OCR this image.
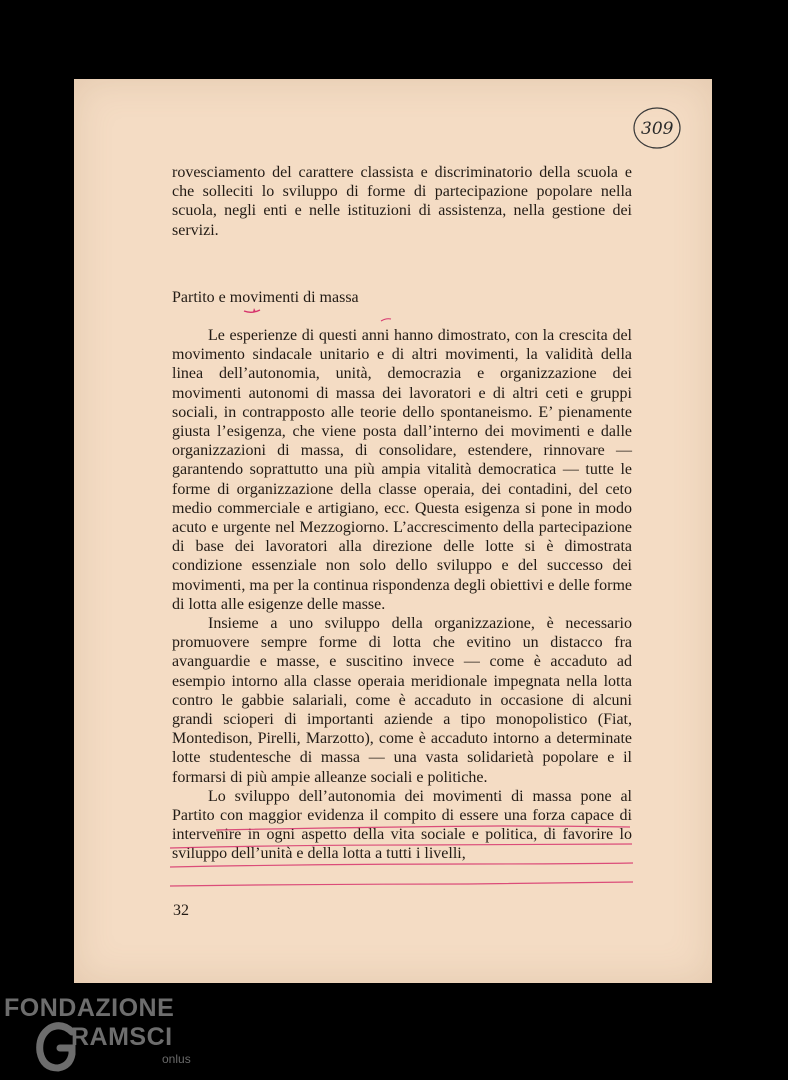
309

rovesciamento del carattere classista e discriminatorio della scuola e che solleciti lo sviluppo di forme di partecipazione popolare nella scuola, negli enti e nelle istituzioni di assistenza, nella gestione dei servizi.

Partito e movimenti di massa

Le esperienze di questi anni hanno dimostrato, con la crescita del movimento sindacale unitario e di altri movimenti, la validità della linea dell’autonomia, unità, democrazia e organizzazione dei movimenti autonomi di massa dei lavoratori e di altri ceti e gruppi sociali, in contrapposto alle teorie dello spontaneismo. E’ pienamente giusta l’esigenza, che viene posta dall’interno dei movimenti e dalle organizzazioni di massa, di consolidare, estendere, rinnovare — garantendo soprattutto una più ampia vitalità democratica — tutte le forme di organizzazione della classe operaia, dei contadini, del ceto medio commerciale e artigiano, ecc. Questa esigenza si pone in modo acuto e urgente nel Mezzogiorno. L’accrescimento della partecipazione di base dei lavoratori alla direzione delle lotte si è dimostrata condizione essenziale non solo dello sviluppo e del successo dei movimenti, ma per la continua rispondenza degli obiettivi e delle forme di lotta alle esigenze delle masse.

Insieme a uno sviluppo della organizzazione, è necessario promuovere sempre forme di lotta che evitino un distacco fra avanguardie e masse, e suscitino invece — come è accaduto ad esempio intorno alla classe operaia meridionale impegnata nella lotta contro le gabbie salariali, come è accaduto in occasione di alcuni grandi scioperi di importanti aziende a tipo monopolistico (Fiat, Montedison, Pirelli, Marzotto), come è accaduto intorno a determinate lotte studentesche di massa — una vasta solidarietà popolare e il formarsi di più ampie alleanze sociali e politiche.

Lo sviluppo dell’autonomia dei movimenti di massa pone al Partito con maggior evidenza il compito di essere una forza capace di intervenire in ogni aspetto della vita sociale e politica, di favorire lo sviluppo dell’unità e della lotta a tutti i livelli,

32
FONDAZIONE
RAMSCI
onlus
